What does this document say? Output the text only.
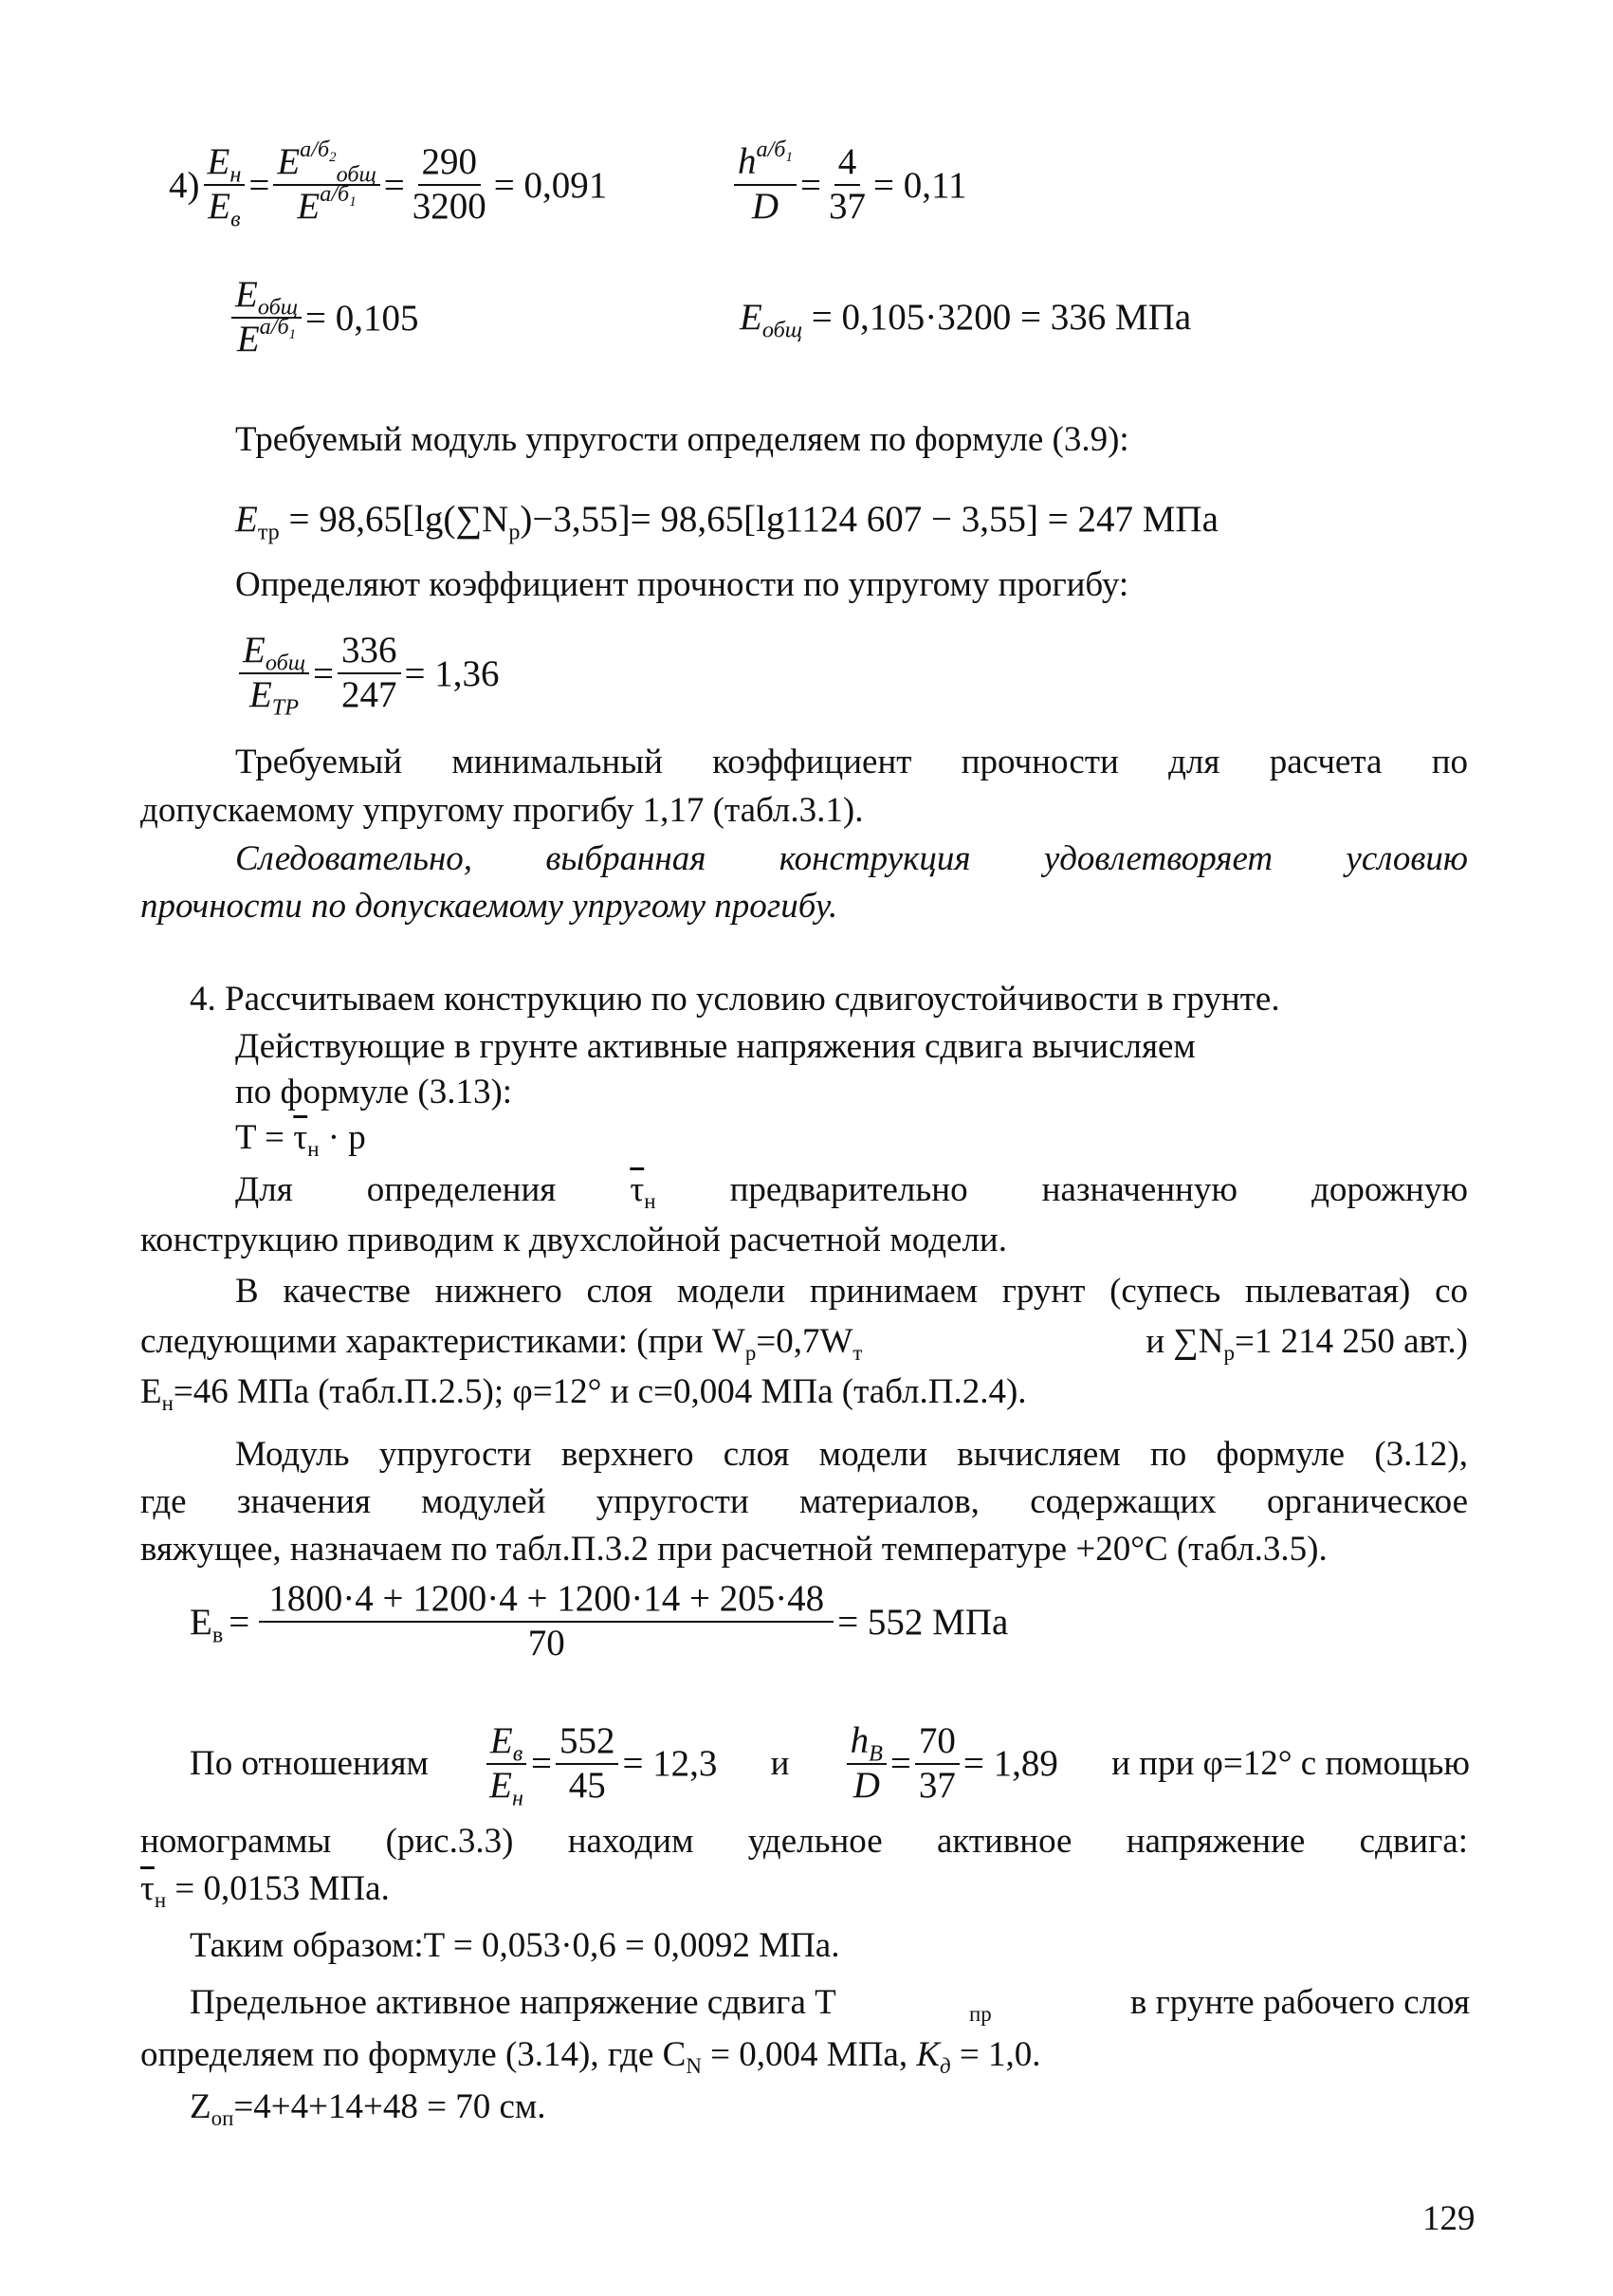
$4) \frac{E_н}{E_в} = \frac{E^{а/б_2}_{общ}}{E^{а/б_1}} = \frac{290}{3200} = 0,091$	$\frac{h^{а/б_1}}{D} = \frac{4}{37} = 0,11$
$\frac{E_{общ}}{E^{а/б_1}} = 0,105$	$E_{общ} = 0,105\cdot 3200 = 336$ МПа
Требуемый модуль упругости определяем по формуле (3.9):
$E_{тр} = 98,65[\lg(\sum N_р)-3,55]= 98,65[\lg 1124$ 607 − 3,55] = 247 МПа
Определяют коэффициент прочности по упругому прогибу:
$\frac{E_{общ}}{E_{ТР}} = \frac{336}{247} = 1,36$
Требуемый минимальный коэффициент прочности для расчета по
допускаемому упругому прогибу 1,17 (табл.3.1).
Следовательно, выбранная конструкция удовлетворяет условию
прочности по допускаемому упругому прогибу.
4. Рассчитываем конструкцию по условию сдвигоустойчивости в грунте.
Действующие в грунте активные напряжения сдвига вычисляем
по формуле (3.13):
$T = \overline{\tau}_н \cdot p$
Для определения $\overline{\tau}_н$ предварительно назначенную дорожную
конструкцию приводим к двухслойной расчетной модели.
В качестве нижнего слоя модели принимаем грунт (супесь пылеватая) со
следующими характеристиками: (при $W_р=0,7W_т$	и $\sum N_р=1$ 214 250 авт.)
$E_н=46$ МПа (табл.П.2.5); φ=12° и с=0,004 МПа (табл.П.2.4).
Модуль упругости верхнего слоя модели вычисляем по формуле (3.12),
где значения модулей упругости материалов, содержащих органическое
вяжущее, назначаем по табл.П.3.2 при расчетной температуре +20°С (табл.3.5).
$E_в = \frac{1800\cdot 4 + 1200\cdot 4 + 1200\cdot 14 + 205\cdot 48}{70} = 552$ МПа
По отношениям $\frac{E_в}{E_н} = \frac{552}{45} = 12,3$ и $\frac{h_В}{D} = \frac{70}{37} = 1,89$ и при φ=12° с помощью
номограммы (рис.3.3) находим удельное активное напряжение сдвига:
$\overline{\tau}_н = 0,0153$ МПа.
Таким образом:T = 0,053·0,6 = 0,0092 МПа.
Предельное активное напряжение сдвига T	$_{пр}$	в грунте рабочего слоя
определяем по формуле (3.14), где $C_N = 0,004$ МПа, $K_д = 1,0$.
$Z_{оп}=4+4+14+48 = 70$ см.
129
